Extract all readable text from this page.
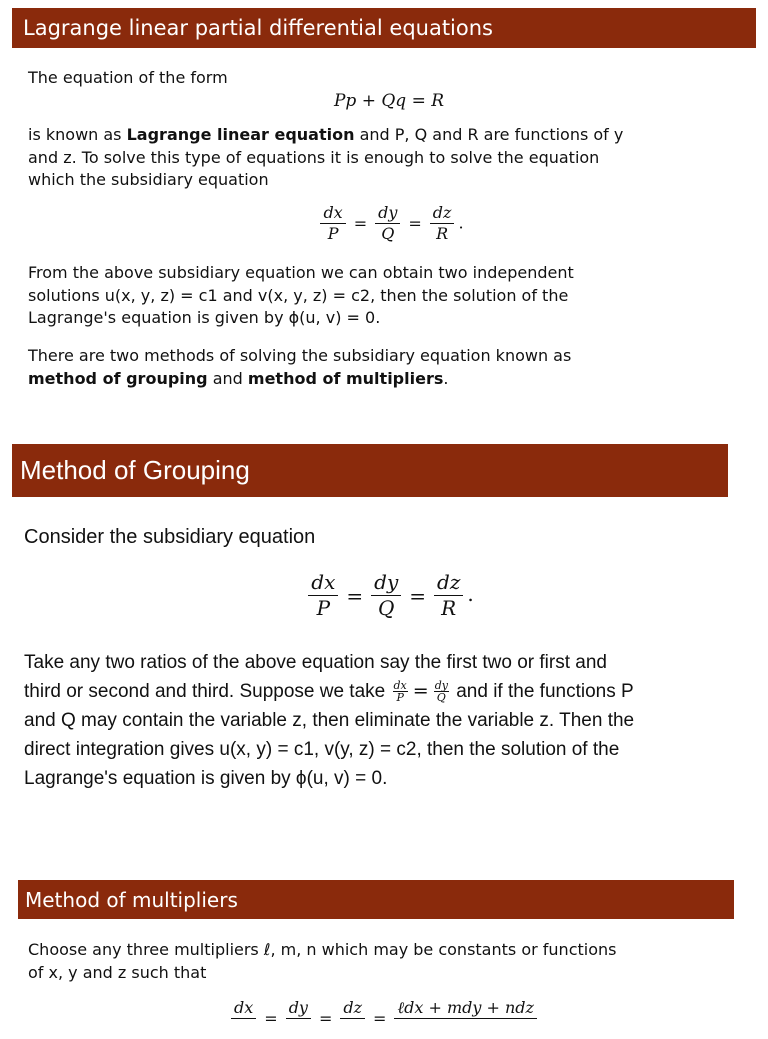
Lagrange linear partial differential equations
The equation of the form
Pp + Qq = R
is known as Lagrange linear equation and P, Q and R are functions of y
and z. To solve this type of equations it is enough to solve the equation
which the subsidiary equation
$\frac{dx}{P} = \frac{dy}{Q} = \frac{dz}{R}$ .
From the above subsidiary equation we can obtain two independent
solutions u(x, y, z) = c1 and v(x, y, z) = c2, then the solution of the
Lagrange's equation is given by ϕ(u, v) = 0.
There are two methods of solving the subsidiary equation known as
method of grouping and method of multipliers.
Method of Grouping
Consider the subsidiary equation
$\frac{dx}{P} = \frac{dy}{Q} = \frac{dz}{R}$ .
Take any two ratios of the above equation say the first two or first and
third or second and third. Suppose we take $\frac{dx}{P} = \frac{dy}{Q}$ and if the functions P
and Q may contain the variable z, then eliminate the variable z. Then the
direct integration gives u(x, y) = c1, v(y, z) = c2, then the solution of the
Lagrange's equation is given by ϕ(u, v) = 0.
Method of multipliers
Choose any three multipliers ℓ, m, n which may be constants or functions
of x, y and z such that
dx

=
dy

=
dz

=
ℓdx + mdy + ndz
